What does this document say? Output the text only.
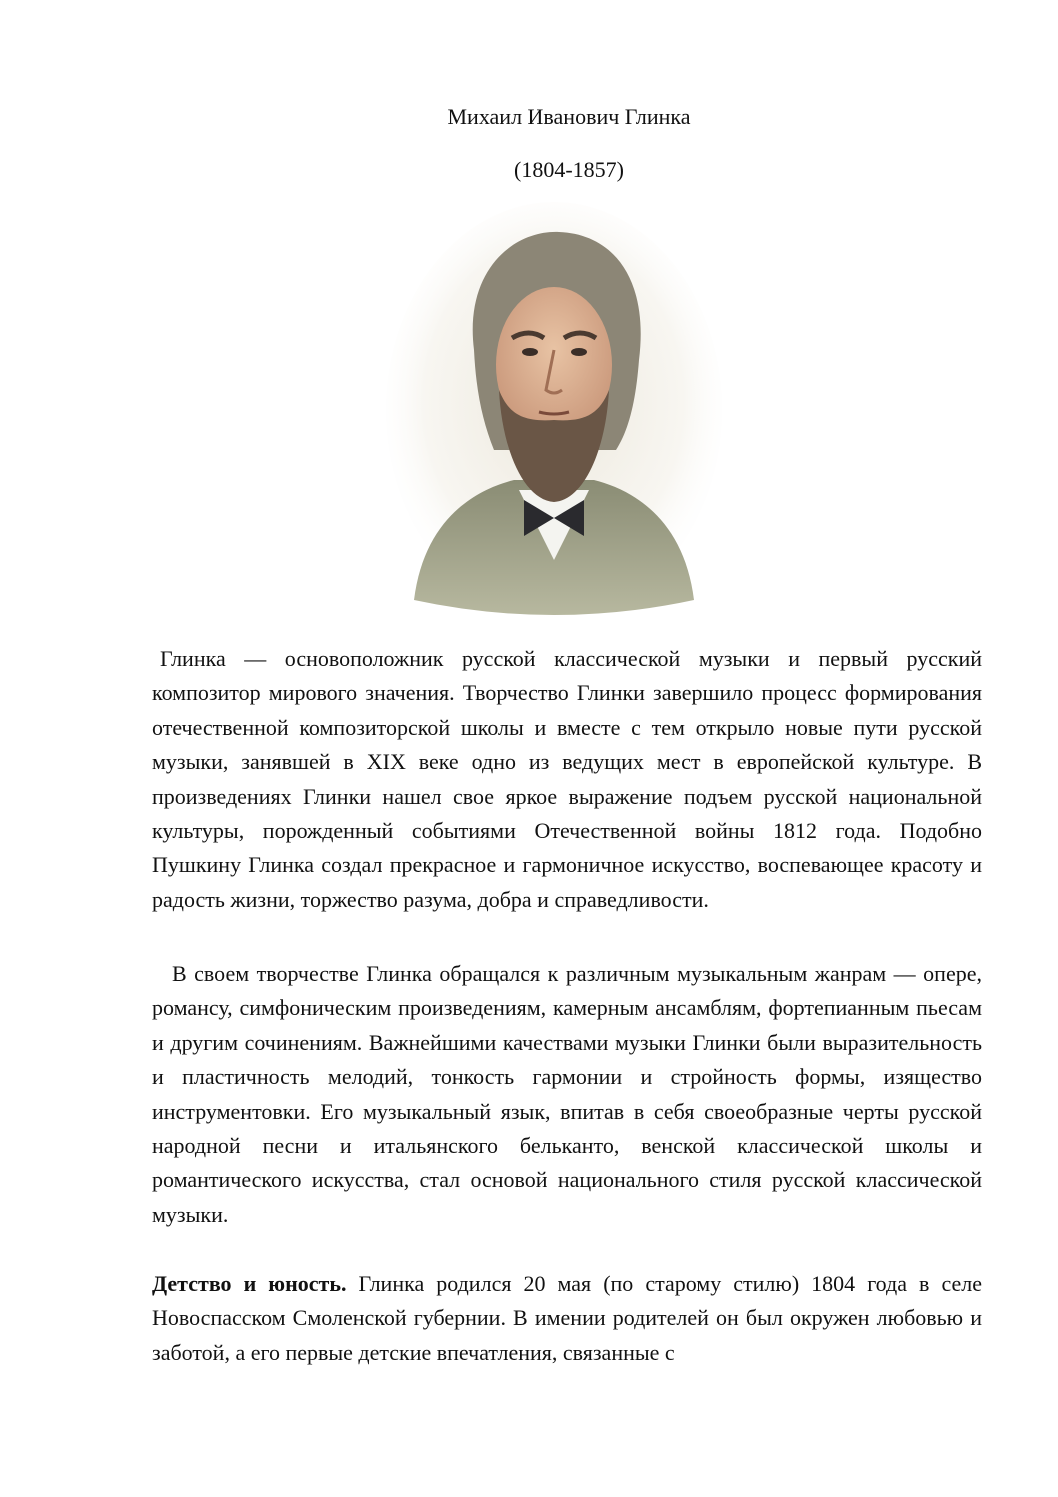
Михаил Иванович Глинка
(1804-1857)

Глинка — основоположник русской классической музыки и первый русский композитор мирового значения. Творчество Глинки завершило процесс формирования отечественной композиторской школы и вместе с тем открыло новые пути русской музыки, занявшей в XIX веке одно из ведущих мест в европейской культуре. В произведениях Глинки нашел свое яркое выражение подъем русской национальной культуры, порожденный событиями Отечественной войны 1812 года. Подобно Пушкину Глинка создал прекрасное и гармоничное искусство, воспевающее красоту и радость жизни, торжество разума, добра и справедливости.

В своем творчестве Глинка обращался к различным музыкальным жанрам — опере, романсу, симфоническим произведениям, камерным ансамблям, фортепианным пьесам и другим сочинениям. Важнейшими качествами музыки Глинки были выразительность и пластичность мелодий, тонкость гармонии и стройность формы, изящество инструментовки. Его музыкальный язык, впитав в себя своеобразные черты русской народной песни и итальянского бельканто, венской классической школы и романтического искусства, стал основой национального стиля русской классической музыки.

Детство и юность. Глинка родился 20 мая (по старому стилю) 1804 года в селе Новоспасском Смоленской губернии. В имении родителей он был окружен любовью и заботой, а его первые детские впечатления, связанные с
